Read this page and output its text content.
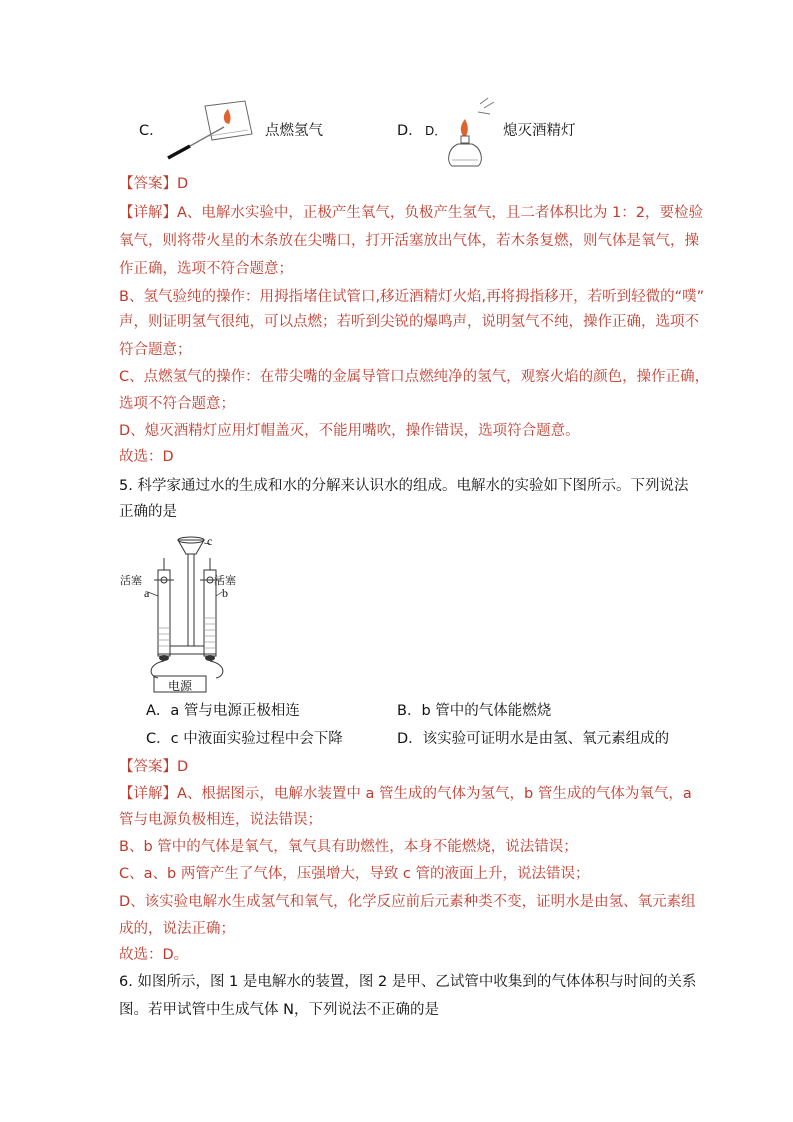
C．	点燃氢气	D． D．	熄灭酒精灯
【答案】D
【详解】A、电解水实验中，正极产生氧气，负极产生氢气，且二者体积比为 1：2，要检验
氧气，则将带火星的木条放在尖嘴口，打开活塞放出气体，若木条复燃，则气体是氧气，操
作正确，选项不符合题意；
B、氢气验纯的操作：用拇指堵住试管口,移近酒精灯火焰,再将拇指移开，若听到轻微的“噗”
声，则证明氢气很纯，可以点燃；若听到尖锐的爆鸣声，说明氢气不纯，操作正确，选项不
符合题意；
C、点燃氢气的操作：在带尖嘴的金属导管口点燃纯净的氢气，观察火焰的颜色，操作正确，
选项不符合题意；
D、熄灭酒精灯应用灯帽盖灭，不能用嘴吹，操作错误，选项符合题意。
故选：D
5. 科学家通过水的生成和水的分解来认识水的组成。电解水的实验如下图所示。下列说法
正确的是
c
活塞	活塞
a	b
电源
A．a 管与电源正极相连	B．b 管中的气体能燃烧
C．c 中液面实验过程中会下降	D．该实验可证明水是由氢、氧元素组成的
【答案】D
【详解】A、根据图示，电解水装置中 a 管生成的气体为氢气，b 管生成的气体为氧气，a
管与电源负极相连，说法错误；
B、b 管中的气体是氧气，氧气具有助燃性，本身不能燃烧，说法错误；
C、a、b 两管产生了气体，压强增大，导致 c 管的液面上升，说法错误；
D、该实验电解水生成氢气和氧气，化学反应前后元素种类不变，证明水是由氢、氧元素组
成的，说法正确；
故选：D。
6. 如图所示，图 1 是电解水的装置，图 2 是甲、乙试管中收集到的气体体积与时间的关系
图。若甲试管中生成气体 N，下列说法不正确的是
